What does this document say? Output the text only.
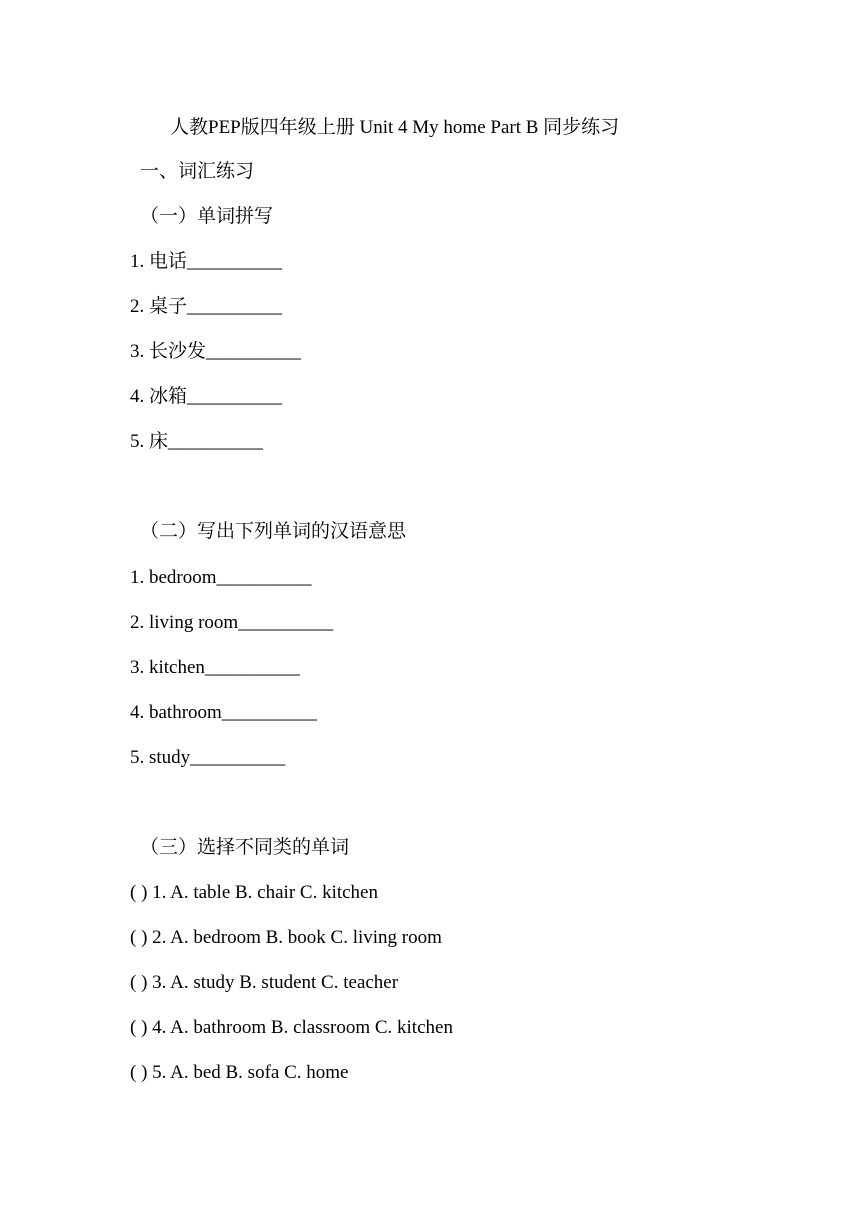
人教PEP版四年级上册 Unit 4 My home Part B 同步练习
一、词汇练习
（一）单词拼写
1. 电话__________
2. 桌子__________
3. 长沙发__________
4. 冰箱__________
5. 床__________
（二）写出下列单词的汉语意思
1. bedroom__________
2. living room__________
3. kitchen__________
4. bathroom__________
5. study__________
（三）选择不同类的单词
( ) 1. A. table B. chair C. kitchen
( ) 2. A. bedroom B. book C. living room
( ) 3. A. study B. student C. teacher
( ) 4. A. bathroom B. classroom C. kitchen
( ) 5. A. bed B. sofa C. home
